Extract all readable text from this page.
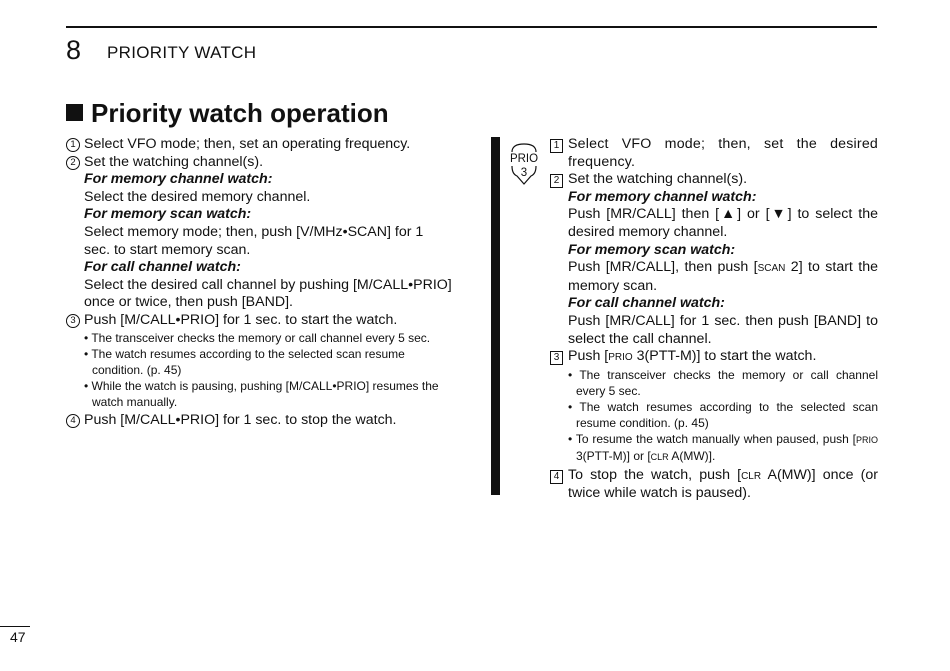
8 PRIORITY WATCH
Priority watch operation
1 Select VFO mode; then, set an operating frequency.
2 Set the watching channel(s).
For memory channel watch:
Select the desired memory channel.
For memory scan watch:
Select memory mode; then, push [V/MHz•SCAN] for 1 sec. to start memory scan.
For call channel watch:
Select the desired call channel by pushing [M/CALL•PRIO] once or twice, then push [BAND].
3 Push [M/CALL•PRIO] for 1 sec. to start the watch.
• The transceiver checks the memory or call channel every 5 sec.
• The watch resumes according to the selected scan resume condition. (p. 45)
• While the watch is pausing, pushing [M/CALL•PRIO] resumes the watch manually.
4 Push [M/CALL•PRIO] for 1 sec. to stop the watch.
PRIO
3
1 Select VFO mode; then, set the desired frequency.
2 Set the watching channel(s).
For memory channel watch:
Push [MR/CALL] then [▲] or [▼] to select the desired memory channel.
For memory scan watch:
Push [MR/CALL], then push [SCAN 2] to start the memory scan.
For call channel watch:
Push [MR/CALL] for 1 sec. then push [BAND] to select the call channel.
3 Push [PRIO 3(PTT-M)] to start the watch.
• The transceiver checks the memory or call channel every 5 sec.
• The watch resumes according to the selected scan resume condition. (p. 45)
• To resume the watch manually when paused, push [PRIO 3(PTT-M)] or [CLR A(MW)].
4 To stop the watch, push [CLR A(MW)] once (or twice while watch is paused).
47
